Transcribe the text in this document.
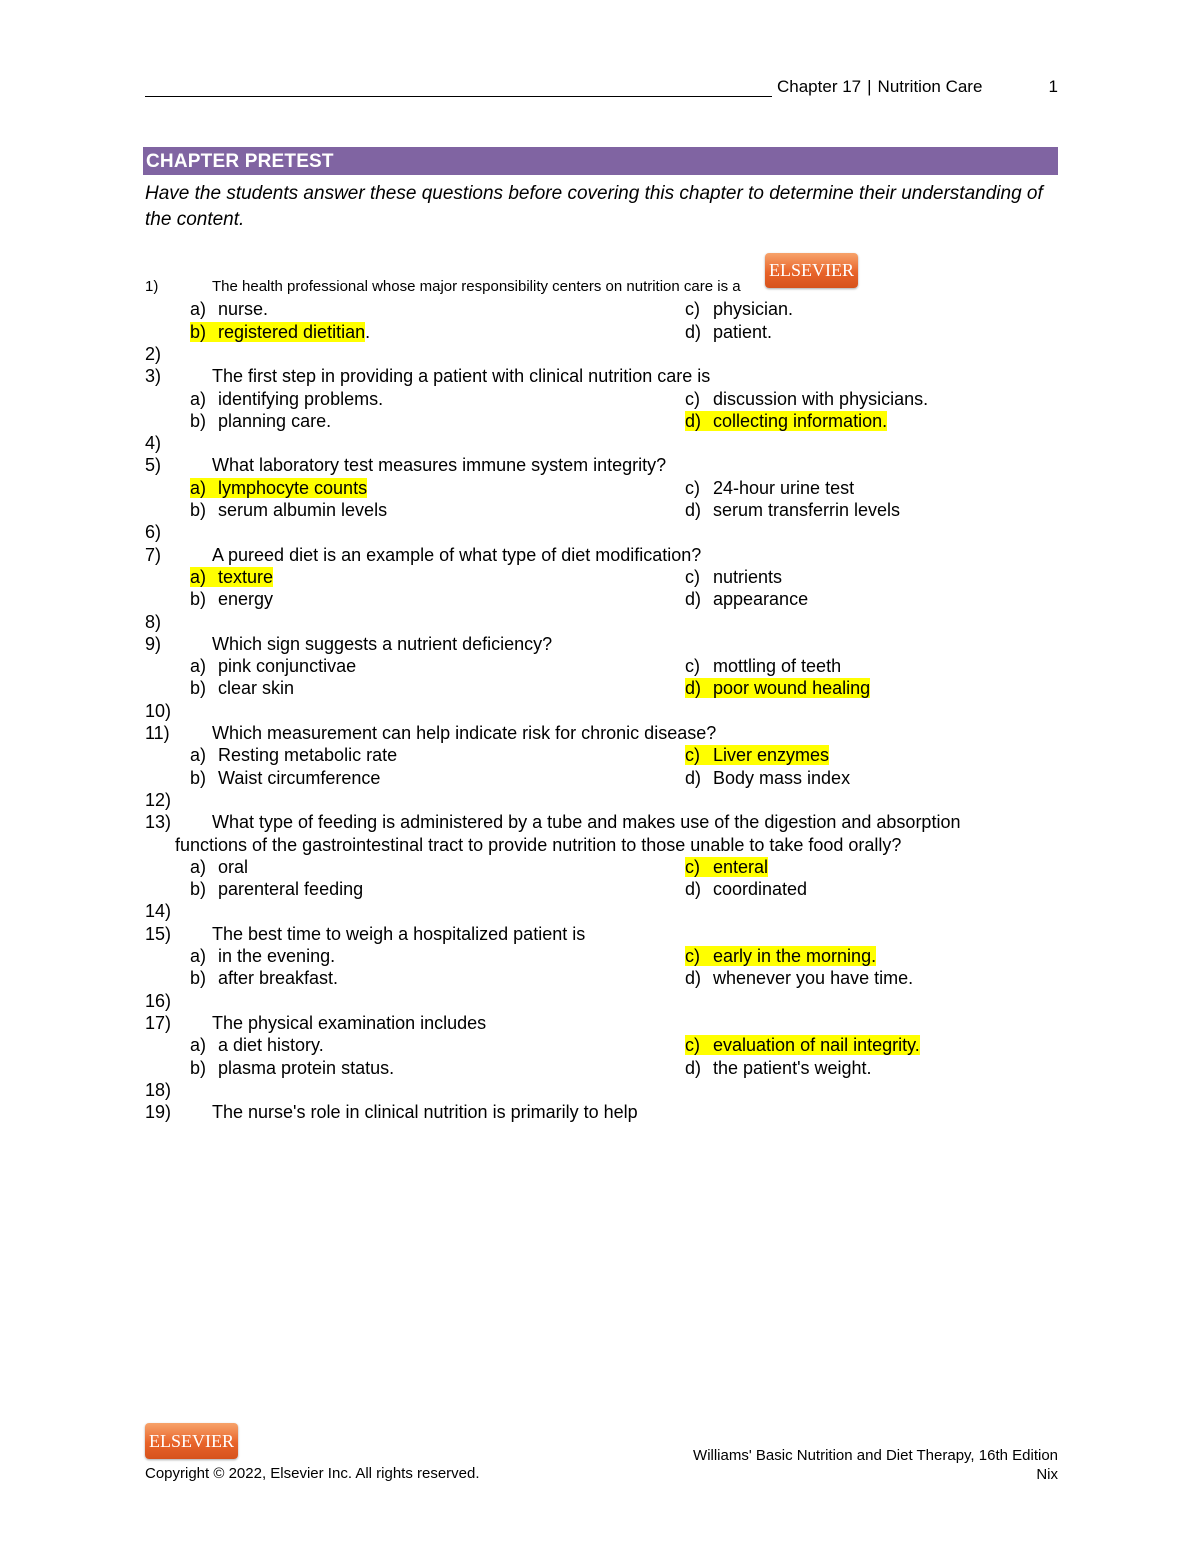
Chapter 17 | Nutrition Care	1
CHAPTER PRETEST
Have the students answer these questions before covering this chapter to determine their understanding of the content.
ELSEVIER
1)	The health professional whose major responsibility centers on nutrition care is a
a) nurse.	c) physician.
b) registered dietitian.	d) patient.
2)
3)	The first step in providing a patient with clinical nutrition care is
a) identifying problems.	c) discussion with physicians.
b) planning care.	d) collecting information.
4)
5)	What laboratory test measures immune system integrity?
a) lymphocyte counts	c) 24-hour urine test
b) serum albumin levels	d) serum transferrin levels
6)
7)	A pureed diet is an example of what type of diet modification?
a) texture	c) nutrients
b) energy	d) appearance
8)
9)	Which sign suggests a nutrient deficiency?
a) pink conjunctivae	c) mottling of teeth
b) clear skin	d) poor wound healing
10)
11) Which measurement can help indicate risk for chronic disease?
a) Resting metabolic rate	c) Liver enzymes
b) Waist circumference	d) Body mass index
12)
13) What type of feeding is administered by a tube and makes use of the digestion and absorption
functions of the gastrointestinal tract to provide nutrition to those unable to take food orally?
a) oral	c) enteral
b) parenteral feeding	d) coordinated
14)
15) The best time to weigh a hospitalized patient is
a) in the evening.	c) early in the morning.
b) after breakfast.	d) whenever you have time.
16)
17) The physical examination includes
a) a diet history.	c) evaluation of nail integrity.
b) plasma protein status.	d) the patient's weight.
18)
19) The nurse's role in clinical nutrition is primarily to help
ELSEVIER
Copyright © 2022, Elsevier Inc. All rights reserved.
Williams' Basic Nutrition and Diet Therapy, 16th Edition
Nix
